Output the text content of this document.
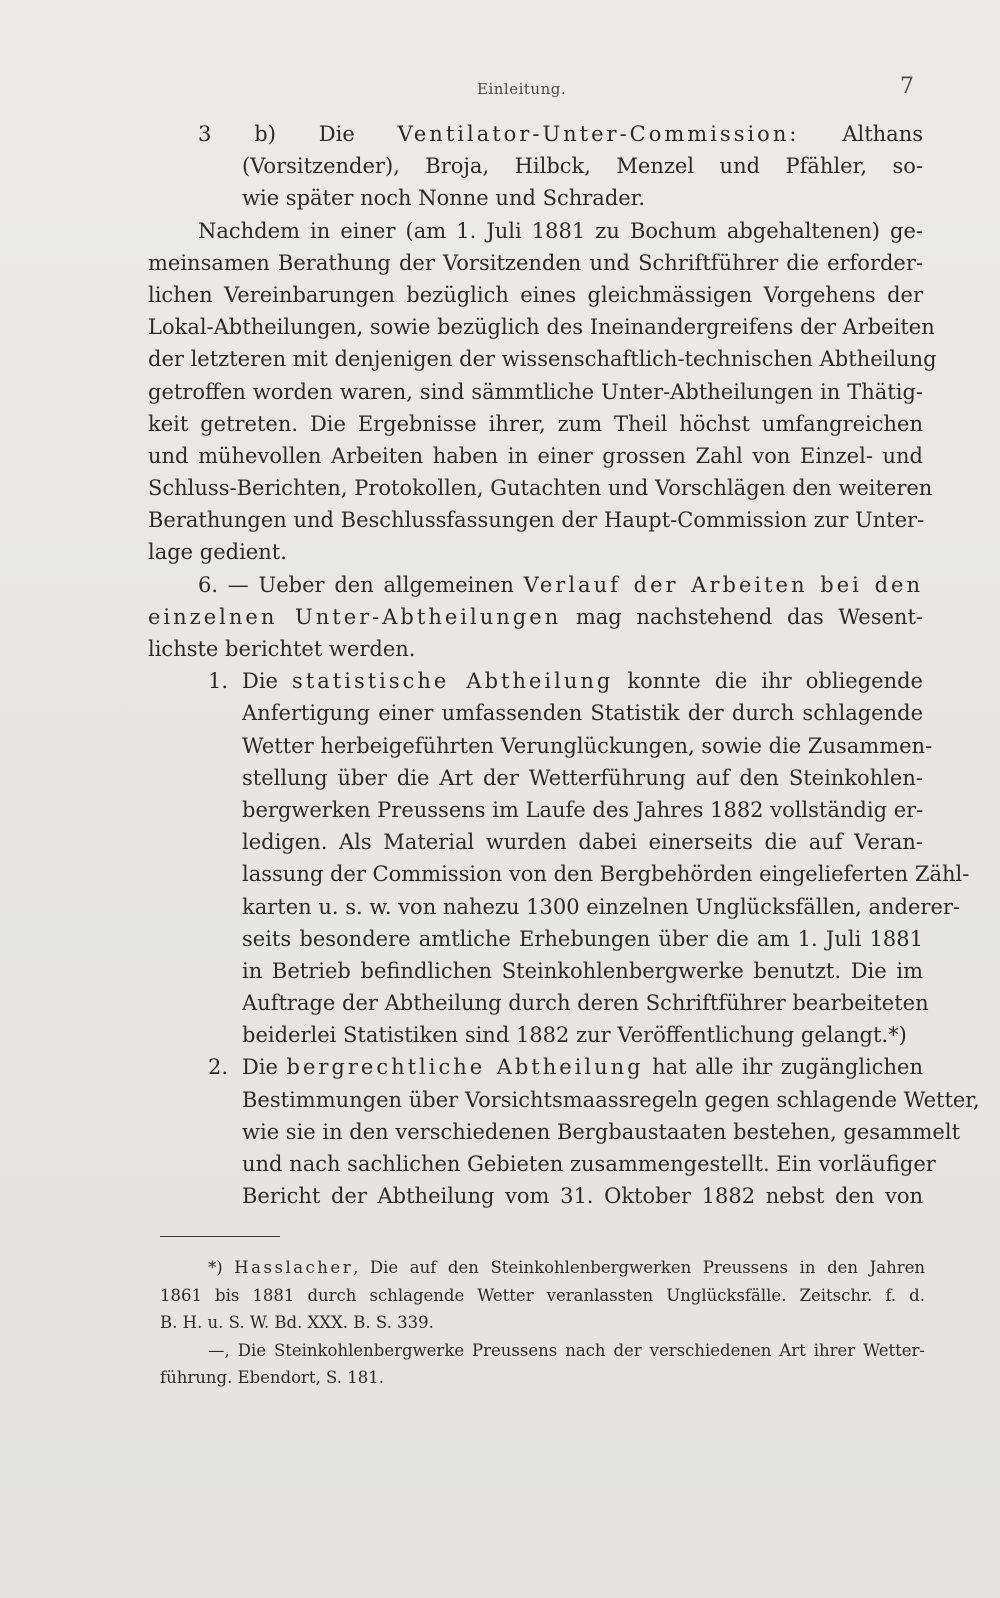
Einleitung.	7
3 b) Die Ventilator-Unter-Commission: Althans
(Vorsitzender), Broja, Hilbck, Menzel und Pfähler, so-
wie später noch Nonne und Schrader.
Nachdem in einer (am 1. Juli 1881 zu Bochum abgehaltenen) ge-
meinsamen Berathung der Vorsitzenden und Schriftführer die erforder-
lichen Vereinbarungen bezüglich eines gleichmässigen Vorgehens der
Lokal-Abtheilungen, sowie bezüglich des Ineinandergreifens der Arbeiten
der letzteren mit denjenigen der wissenschaftlich-technischen Abtheilung
getroffen worden waren, sind sämmtliche Unter-Abtheilungen in Thätig-
keit getreten. Die Ergebnisse ihrer, zum Theil höchst umfangreichen
und mühevollen Arbeiten haben in einer grossen Zahl von Einzel- und
Schluss-Berichten, Protokollen, Gutachten und Vorschlägen den weiteren
Berathungen und Beschlussfassungen der Haupt-Commission zur Unter-
lage gedient.
6. — Ueber den allgemeinen Verlauf der Arbeiten bei den
einzelnen Unter-Abtheilungen mag nachstehend das Wesent-
lichste berichtet werden.
1. Die statistische Abtheilung konnte die ihr obliegende
Anfertigung einer umfassenden Statistik der durch schlagende
Wetter herbeigeführten Verunglückungen, sowie die Zusammen-
stellung über die Art der Wetterführung auf den Steinkohlen-
bergwerken Preussens im Laufe des Jahres 1882 vollständig er-
ledigen. Als Material wurden dabei einerseits die auf Veran-
lassung der Commission von den Bergbehörden eingelieferten Zähl-
karten u. s. w. von nahezu 1300 einzelnen Unglücksfällen, anderer-
seits besondere amtliche Erhebungen über die am 1. Juli 1881
in Betrieb befindlichen Steinkohlenbergwerke benutzt. Die im
Auftrage der Abtheilung durch deren Schriftführer bearbeiteten
beiderlei Statistiken sind 1882 zur Veröffentlichung gelangt.*)
2. Die bergrechtliche Abtheilung hat alle ihr zugänglichen
Bestimmungen über Vorsichtsmaassregeln gegen schlagende Wetter,
wie sie in den verschiedenen Bergbaustaaten bestehen, gesammelt
und nach sachlichen Gebieten zusammengestellt. Ein vorläufiger
Bericht der Abtheilung vom 31. Oktober 1882 nebst den von
*) Hasslacher, Die auf den Steinkohlenbergwerken Preussens in den Jahren
1861 bis 1881 durch schlagende Wetter veranlassten Unglücksfälle. Zeitschr. f. d.
B. H. u. S. W. Bd. XXX. B. S. 339.
—, Die Steinkohlenbergwerke Preussens nach der verschiedenen Art ihrer Wetter-
führung. Ebendort, S. 181.
